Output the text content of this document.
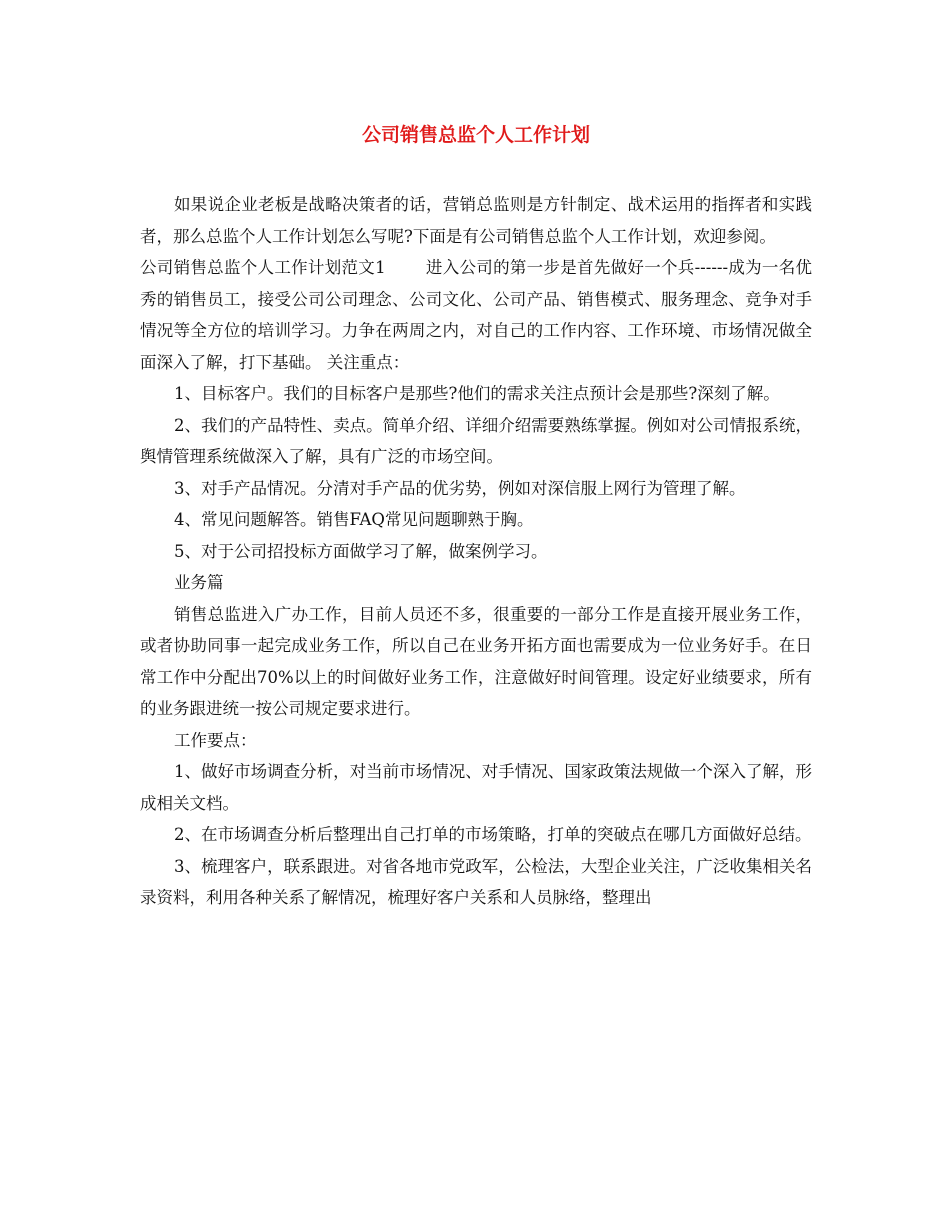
公司销售总监个人工作计划

如果说企业老板是战略决策者的话，营销总监则是方针制定、战术运用的指挥者和实践者，那么总监个人工作计划怎么写呢?下面是有公司销售总监个人工作计划，欢迎参阅。

公司销售总监个人工作计划范文1 进入公司的第一步是首先做好一个兵------成为一名优秀的销售员工，接受公司公司理念、公司文化、公司产品、销售模式、服务理念、竞争对手情况等全方位的培训学习。力争在两周之内，对自己的工作内容、工作环境、市场情况做全面深入了解，打下基础。 关注重点：

1、目标客户。我们的目标客户是那些?他们的需求关注点预计会是那些?深刻了解。

2、我们的产品特性、卖点。简单介绍、详细介绍需要熟练掌握。例如对公司情报系统，舆情管理系统做深入了解，具有广泛的市场空间。

3、对手产品情况。分清对手产品的优劣势，例如对深信服上网行为管理了解。

4、常见问题解答。销售FAQ常见问题聊熟于胸。

5、对于公司招投标方面做学习了解，做案例学习。

业务篇

销售总监进入广办工作，目前人员还不多，很重要的一部分工作是直接开展业务工作，或者协助同事一起完成业务工作，所以自己在业务开拓方面也需要成为一位业务好手。在日常工作中分配出70%以上的时间做好业务工作，注意做好时间管理。设定好业绩要求，所有的业务跟进统一按公司规定要求进行。

工作要点：

1、做好市场调查分析，对当前市场情况、对手情况、国家政策法规做一个深入了解，形成相关文档。

2、在市场调查分析后整理出自己打单的市场策略，打单的突破点在哪几方面做好总结。

3、梳理客户，联系跟进。对省各地市党政军，公检法，大型企业关注，广泛收集相关名录资料，利用各种关系了解情况，梳理好客户关系和人员脉络，整理出
